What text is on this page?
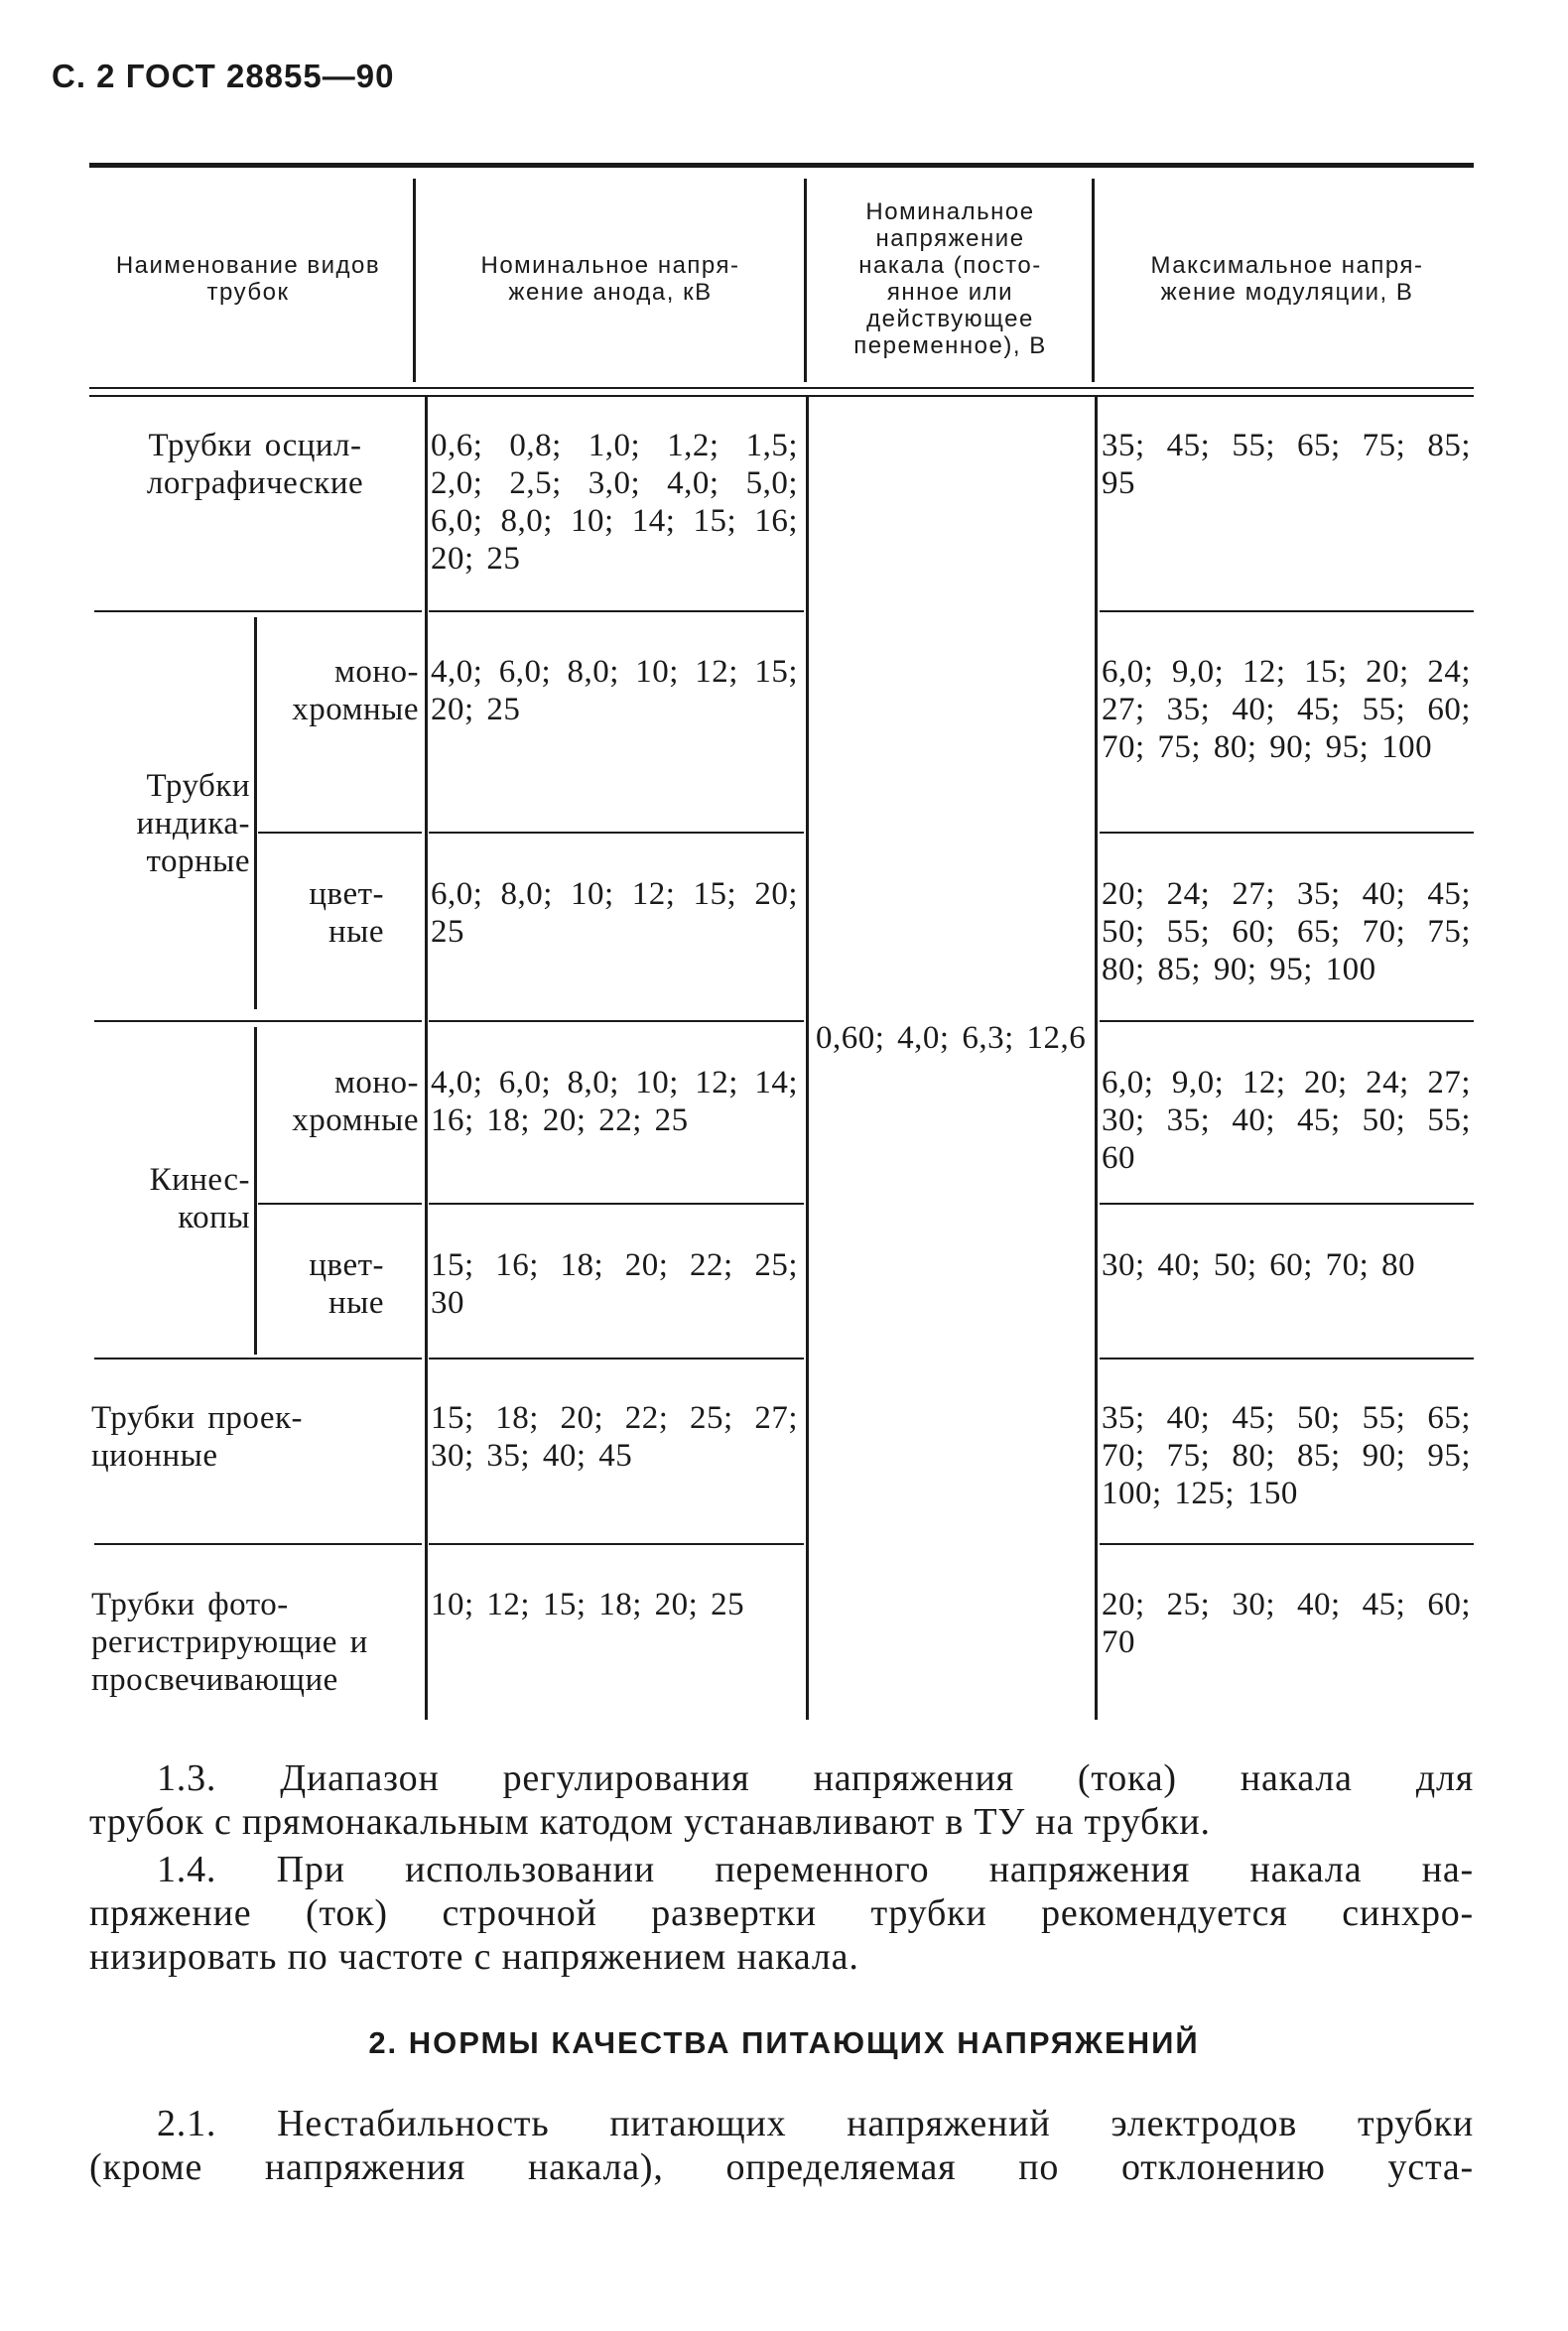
С. 2 ГОСТ 28855—90
Наименование видов трубок
Номинальное напря-
жение анода, кВ
Номинальное
напряжение
накала (посто-
янное или
действующее
переменное), В
Максимальное напря-
жение модуляции, В
Трубки осцил-
лографические
0,6; 0,8; 1,0; 1,2; 1,5; 2,0; 2,5; 3,0; 4,0; 5,0; 6,0; 8,0; 10; 14; 15; 16; 20; 25
35; 45; 55; 65; 75; 85; 95
Трубки
индика-
торные
моно-
хромные
4,0; 6,0; 8,0; 10; 12; 15; 20; 25
6,0; 9,0; 12; 15; 20; 24; 27; 35; 40; 45; 55; 60; 70; 75; 80; 90; 95; 100
цвет-
ные
6,0; 8,0; 10; 12; 15; 20; 25
20; 24; 27; 35; 40; 45; 50; 55; 60; 65; 70; 75; 80; 85; 90; 95; 100
0,60; 4,0; 6,3; 12,6
Кинес-
копы
моно-
хромные
4,0; 6,0; 8,0; 10; 12; 14; 16; 18; 20; 22; 25
6,0; 9,0; 12; 20; 24; 27; 30; 35; 40; 45; 50; 55; 60
цвет-
ные
15; 16; 18; 20; 22; 25; 30
30; 40; 50; 60; 70; 80
Трубки проек-
ционные
15; 18; 20; 22; 25; 27; 30; 35; 40; 45
35; 40; 45; 50; 55; 65; 70; 75; 80; 85; 90; 95; 100; 125; 150
Трубки фото-
регистрирующие и
просвечивающие
10; 12; 15; 18; 20; 25	20; 25; 30; 40; 45; 60; 70
1.3. Диапазон регулирования напряжения (тока) накала для
трубок с прямонакальным катодом устанавливают в ТУ на трубки.
1.4. При использовании переменного напряжения накала на-
пряжение (ток) строчной развертки трубки рекомендуется синхро-
низировать по частоте с напряжением накала.
2. НОРМЫ КАЧЕСТВА ПИТАЮЩИХ НАПРЯЖЕНИЙ
2.1. Нестабильность питающих напряжений электродов трубки
(кроме напряжения накала), определяемая по отклонению уста-
